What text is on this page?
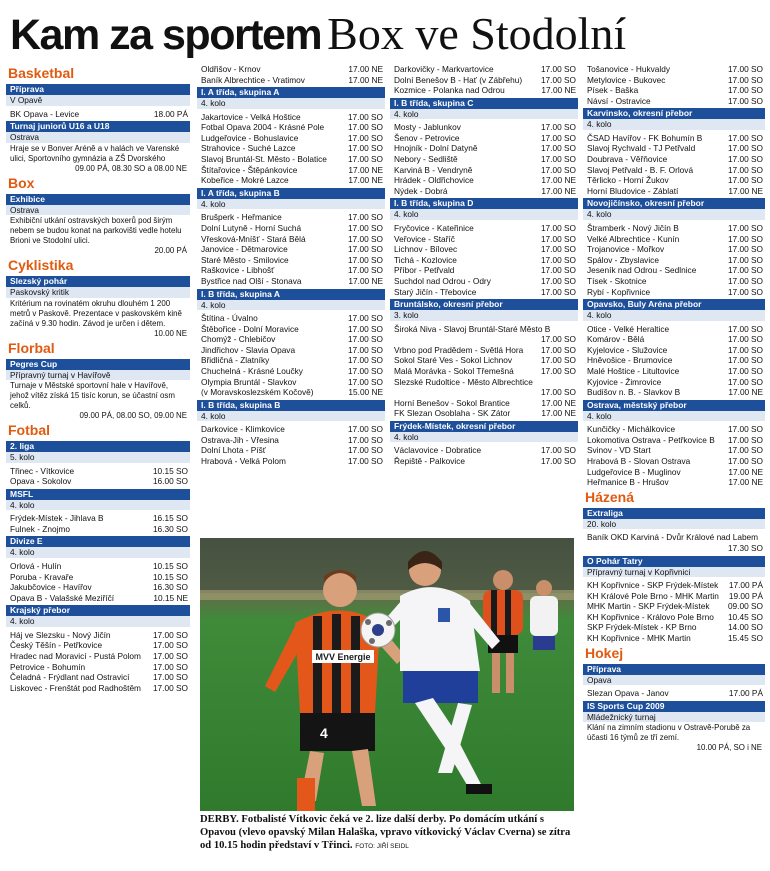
Kam za sportem Box ve Stodolní
Basketbal
Příprava
V Opavě
BK Opava - Levice	18.00 PÁ
Turnaj juniorů U16 a U18
Ostrava
Hraje se v Bonver Aréně a v halách ve Varenské ulici, Sportovního gymnázia a ZŠ Dvorského
09.00 PÁ, 08.30 SO a 08.00 NE
Box
Exhibice
Ostrava
Exhibiční utkání ostravských boxerů pod širým nebem se budou konat na parkovišti vedle hotelu Brioni ve Stodolní ulici.
20.00 PÁ
Cyklistika
Slezský pohár
Paskovský kritik
Kritérium na rovinatém okruhu dlouhém 1 200 metrů v Paskově. Prezentace v paskovském kině začíná v 9.30 hodin. Závod je určen i dětem.
10.00 NE
Florbal
Pegres Cup
Přípravný turnaj v Havířově
Turnaje v Městské sportovní hale v Havířově, jehož vítěz získá 15 tisíc korun, se účastní osm celků.
09.00 PÁ, 08.00 SO, 09.00 NE
Fotbal
2. liga
5. kolo
Třinec - Vítkovice	10.15 SO
Opava - Sokolov	16.00 SO
MSFL
4. kolo
Frýdek-Místek - Jihlava B	16.15 SO
Fulnek - Znojmo	16.30 SO
Divize E
4. kolo
Orlová - Hulín	10.15 SO
Poruba - Kravaře	10.15 SO
Jakubčovice - Havířov	16.30 SO
Opava B - Valašské Meziříčí	10.15 NE
Krajský přebor
4. kolo
Háj ve Slezsku - Nový Jičín	17.00 SO
Český Těšín - Petřkovice	17.00 SO
Hradec nad Moravicí - Pustá Polom	17.00 SO
Petrovice - Bohumín	17.00 SO
Čeladná - Frýdlant nad Ostravicí	17.00 SO
Liskovec - Frenštát pod Radhoštěm	17.00 SO
Oldřišov - Krnov	17.00 NE
Baník Albrechtice - Vratimov	17.00 NE
I. A třída, skupina A
4. kolo
Jakartovice - Velká Hoštice	17.00 SO
Fotbal Opava 2004 - Krásné Pole	17.00 SO
Ludgeřovice - Bohuslavice	17.00 SO
Strahovice - Suché Lazce	17.00 SO
Slavoj Bruntál-St. Město - Bolatice	17.00 SO
Štítařovice - Štěpánkovice	17.00 NE
Kobeřice - Mokré Lazce	17.00 NE
I. A třída, skupina B
4. kolo
Brušperk - Heřmanice	17.00 SO
Dolní Lutyně - Horní Suchá	17.00 SO
Vřesková-Mníšť - Stará Bělá	17.00 SO
Janovice - Dětmarovice	17.00 SO
Staré Město - Smilovice	17.00 SO
Raškovice - Libhošť	17.00 SO
Bystřice nad Olší - Stonava	17.00 NE
I. B třída, skupina A
4. kolo
Štítina - Úvalno	17.00 SO
Štěbořice - Dolní Moravice	17.00 SO
Chomýž - Chlebičov	17.00 SO
Jindřichov - Slavia Opava	17.00 SO
Břidličná - Zlatníky	17.00 SO
Chuchelná - Krásné Loučky	17.00 SO
Olympia Bruntál - Slavkov	17.00 SO
(v Moravskoslezském Kočově)	15.00 NE
I. B třída, skupina B
4. kolo
Darkovice - Klimkovice	17.00 SO
Ostrava-Jih - Vřesina	17.00 SO
Dolní Lhota - Píšť	17.00 SO
Hrabová - Velká Polom	17.00 SO
Darkovičky - Markvartovice	17.00 SO
Dolní Benešov B - Hať (v Zábřehu)	17.00 SO
Kozmice - Polanka nad Odrou	17.00 NE
I. B třída, skupina C
4. kolo
Mosty - Jablunkov	17.00 SO
Šenov - Petrovice	17.00 SO
Hnojník - Dolní Datyně	17.00 SO
Nebory - Sedliště	17.00 SO
Karviná B - Vendryně	17.00 SO
Hrádek - Oldřichovice	17.00 NE
Nýdek - Dobrá	17.00 NE
I. B třída, skupina D
4. kolo
Fryčovice - Kateřinice	17.00 SO
Veřovice - Staříč	17.00 SO
Lichnov - Bílovec	17.00 SO
Tichá - Kozlovice	17.00 SO
Příbor - Petřvald	17.00 SO
Suchdol nad Odrou - Odry	17.00 SO
Starý Jičín - Třebovice	17.00 SO
Bruntálsko, okresní přebor
3. kolo
Široká Niva - Slavoj Bruntál-Staré Město B
17.00 SO
Vrbno pod Pradědem - Světlá Hora	17.00 SO
Sokol Staré Ves - Sokol Lichnov	17.00 SO
Malá Morávka - Sokol Třemešná	17.00 SO
Slezské Rudoltice - Město Albrechtice
17.00 SO
Horní Benešov - Sokol Brantice	17.00 NE
FK Slezan Osoblaha - SK Zátor	17.00 NE
Frýdek-Místek, okresní přebor
4. kolo
Václavovice - Dobratice	17.00 SO
Řepiště - Palkovice	17.00 SO
Tošanovice - Hukvaldy	17.00 SO
Metylovice - Bukovec	17.00 SO
Písek - Baška	17.00 SO
Návsí - Ostravice	17.00 SO
Karvinsko, okresní přebor
4. kolo
ČSAD Havířov - FK Bohumín B	17.00 SO
Slavoj Rychvald - TJ Petřvald	17.00 SO
Doubrava - Věřňovice	17.00 SO
Slavoj Petřvald - B. F. Orlová	17.00 SO
Těrlicko - Horní Žukov	17.00 SO
Horní Bludovice - Záblatí	17.00 NE
Novojičínsko, okresní přebor
4. kolo
Štramberk - Nový Jičín B	17.00 SO
Velké Albrechtice - Kunín	17.00 SO
Trojanovice - Mořkov	17.00 SO
Spálov - Zbyslavice	17.00 SO
Jeseník nad Odrou - Sedlnice	17.00 SO
Tísek - Skotnice	17.00 SO
Rybí - Kopřivnice	17.00 SO
Opavsko, Buly Aréna přebor
4. kolo
Otice - Velké Heraltice	17.00 SO
Komárov - Bělá	17.00 SO
Kyjelovice - Služovice	17.00 SO
Hněvošice - Brumovice	17.00 SO
Malé Hoštice - Litultovice	17.00 SO
Kyjovice - Žimrovice	17.00 SO
Budišov n. B. - Slavkov B	17.00 NE
Ostrava, městský přebor
4. kolo
Kunčičky - Michálkovice	17.00 SO
Lokomotiva Ostrava - Petřkovice B	17.00 SO
Svinov - VD Start	17.00 SO
Hrabová B - Slovan Ostrava	17.00 SO
Ludgeřovice B - Muglinov	17.00 NE
Heřmanice B - Hrušov	17.00 NE
Házená
Extraliga
20. kolo
Baník OKD Karviná - Dvůr Králové nad Labem
17.30 SO
O Pohár Tatry
Přípravný turnaj v Kopřivnici
KH Kopřivnice - SKP Frýdek-Místek	17.00 PÁ
KH Králové Pole Brno - MHK Martin	19.00 PÁ
MHK Martin - SKP Frýdek-Místek	09.00 SO
KH Kopřivnice - Královo Pole Brno	10.45 SO
SKP Frýdek-Místek - KP Brno	14.00 SO
KH Kopřivnice - MHK Martin	15.45 SO
Hokej
Příprava
Opava
Slezan Opava - Janov	17.00 PÁ
IS Sports Cup 2009
Mládežnický turnaj
Klání na zimním stadionu v Ostravě-Porubě za účasti 16 týmů ze tří zemí.
10.00 PÁ, SO i NE
MVV Energie
4
DERBY. Fotbalisté Vítkovic čeká ve 2. lize další derby. Po domácím utkání s Opavou (vlevo opavský Milan Halaška, vpravo vítkovický Václav Cverna) se zítra od 10.15 hodin představí v Třinci. FOTO: JIŘÍ SEIDL
